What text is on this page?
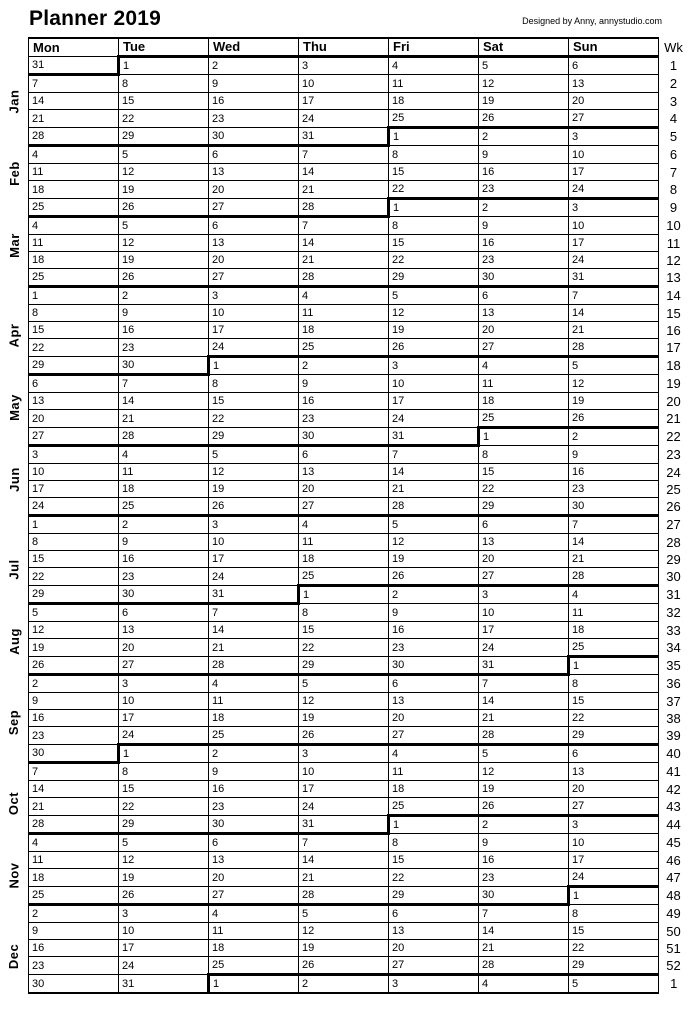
Planner 2019	Designed by Anny, annystudio.com
Jan
Feb
Mar
Apr
May
Jun
Jul
Aug
Sep
Oct
Nov
Dec
Mon	Tue	Wed	Thu	Fri	Sat	Sun	Wk
31	1	2	3	4	5	6	1
7	8	9	10	11	12	13	2
14	15	16	17	18	19	20	3
21	22	23	24	25	26	27	4
28	29	30	31	1	2	3	5
4	5	6	7	8	9	10	6
11	12	13	14	15	16	17	7
18	19	20	21	22	23	24	8
25	26	27	28	1	2	3	9
4	5	6	7	8	9	10	10
11	12	13	14	15	16	17	11
18	19	20	21	22	23	24	12
25	26	27	28	29	30	31	13
1	2	3	4	5	6	7	14
8	9	10	11	12	13	14	15
15	16	17	18	19	20	21	16
22	23	24	25	26	27	28	17
29	30	1	2	3	4	5	18
6	7	8	9	10	11	12	19
13	14	15	16	17	18	19	20
20	21	22	23	24	25	26	21
27	28	29	30	31	1	2	22
3	4	5	6	7	8	9	23
10	11	12	13	14	15	16	24
17	18	19	20	21	22	23	25
24	25	26	27	28	29	30	26
1	2	3	4	5	6	7	27
8	9	10	11	12	13	14	28
15	16	17	18	19	20	21	29
22	23	24	25	26	27	28	30
29	30	31	1	2	3	4	31
5	6	7	8	9	10	11	32
12	13	14	15	16	17	18	33
19	20	21	22	23	24	25	34
26	27	28	29	30	31	1	35
2	3	4	5	6	7	8	36
9	10	11	12	13	14	15	37
16	17	18	19	20	21	22	38
23	24	25	26	27	28	29	39
30	1	2	3	4	5	6	40
7	8	9	10	11	12	13	41
14	15	16	17	18	19	20	42
21	22	23	24	25	26	27	43
28	29	30	31	1	2	3	44
4	5	6	7	8	9	10	45
11	12	13	14	15	16	17	46
18	19	20	21	22	23	24	47
25	26	27	28	29	30	1	48
2	3	4	5	6	7	8	49
9	10	11	12	13	14	15	50
16	17	18	19	20	21	22	51
23	24	25	26	27	28	29	52
30	31	1	2	3	4	5	1
